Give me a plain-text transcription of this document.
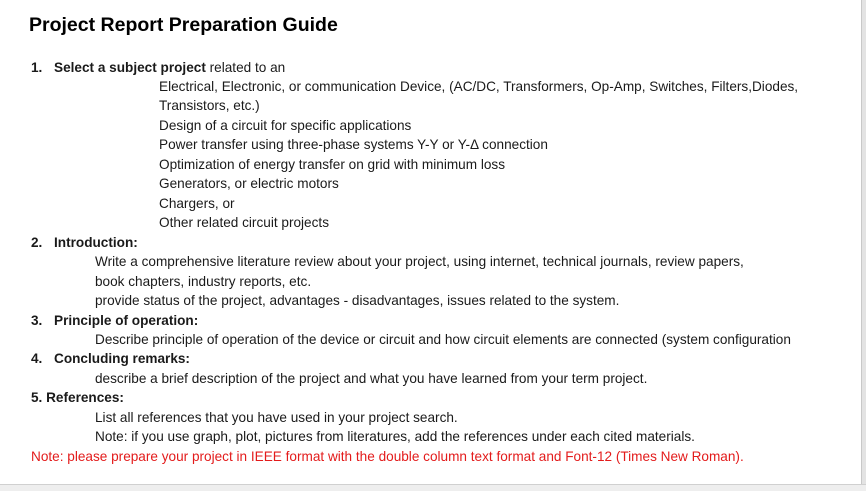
Project Report Preparation Guide
1. Select a subject project related to an
Electrical, Electronic, or communication Device, (AC/DC, Transformers, Op-Amp, Switches, Filters,Diodes,
Transistors, etc.)
Design of a circuit for specific applications
Power transfer using three-phase systems Y-Y or Y-Δ connection
Optimization of energy transfer on grid with minimum loss
Generators, or electric motors
Chargers, or
Other related circuit projects
2. Introduction:
Write a comprehensive literature review about your project, using internet, technical journals, review papers,
book chapters, industry reports, etc.
provide status of the project, advantages - disadvantages, issues related to the system.
3. Principle of operation:
Describe principle of operation of the device or circuit and how circuit elements are connected (system configuration
4. Concluding remarks:
describe a brief description of the project and what you have learned from your term project.
5. References:
List all references that you have used in your project search.
Note: if you use graph, plot, pictures from literatures, add the references under each cited materials.
Note: please prepare your project in IEEE format with the double column text format and Font-12 (Times New Roman).
